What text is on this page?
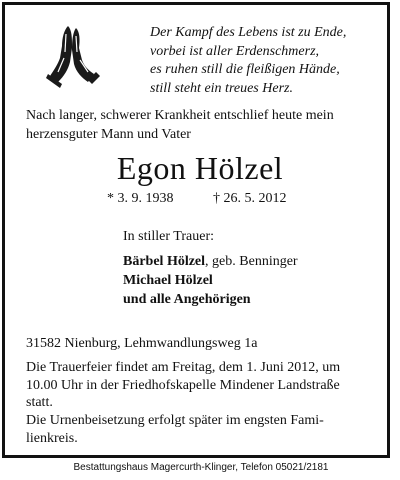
Der Kampf des Lebens ist zu Ende,
vorbei ist aller Erdenschmerz,
es ruhen still die fleißigen Hände,
still steht ein treues Herz.
Nach langer, schwerer Krankheit entschlief heute mein herzensguter Mann und Vater
Egon Hölzel
* 3. 9. 1938	† 26. 5. 2012
In stiller Trauer:
Bärbel Hölzel, geb. Benninger
Michael Hölzel
und alle Angehörigen
31582 Nienburg, Lehmwandlungsweg 1a
Die Trauerfeier findet am Freitag, dem 1. Juni 2012, um
10.00 Uhr in der Friedhofskapelle Mindener Landstraße
statt.
Die Urnenbeisetzung erfolgt später im engsten Fami-
lienkreis.
Bestattungshaus Magercurth-Klinger, Telefon 05021/2181
